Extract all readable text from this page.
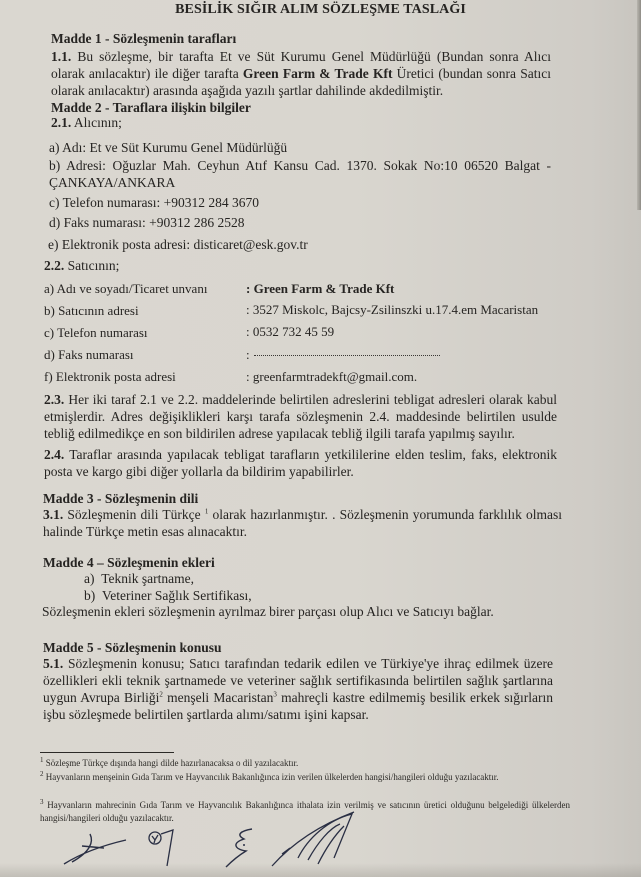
BESİLİK SIĞIR ALIM SÖZLEŞME TASLAĞI
Madde 1 - Sözleşmenin tarafları
1.1. Bu sözleşme, bir tarafta Et ve Süt Kurumu Genel Müdürlüğü (Bundan sonra Alıcı olarak anılacaktır) ile diğer tarafta Green Farm & Trade Kft Üretici (bundan sonra Satıcı olarak anılacaktır) arasında aşağıda yazılı şartlar dahilinde akdedilmiştir.
Madde 2 - Taraflara ilişkin bilgiler
2.1. Alıcının;
a) Adı: Et ve Süt Kurumu Genel Müdürlüğü
b) Adresi: Oğuzlar Mah. Ceyhun Atıf Kansu Cad. 1370. Sokak No:10 06520 Balgat -
ÇANKAYA/ANKARA
c) Telefon numarası: +90312 284 3670
d) Faks numarası: +90312 286 2528
e) Elektronik posta adresi: disticaret@esk.gov.tr
2.2. Satıcının;
a) Adı ve soyadı/Ticaret unvanı	: Green Farm & Trade Kft
b) Satıcının adresi	: 3527 Miskolc, Bajcsy-Zsilinszki u.17.4.em Macaristan
c) Telefon numarası	: 0532 732 45 59
d) Faks numarası	:
f) Elektronik posta adresi	: greenfarmtradekft@gmail.com.
2.3. Her iki taraf 2.1 ve 2.2. maddelerinde belirtilen adreslerini tebligat adresleri olarak kabul etmişlerdir. Adres değişiklikleri karşı tarafa sözleşmenin 2.4. maddesinde belirtilen usulde tebliğ edilmedikçe en son bildirilen adrese yapılacak tebliğ ilgili tarafa yapılmış sayılır.
2.4. Taraflar arasında yapılacak tebligat tarafların yetkililerine elden teslim, faks, elektronik posta ve kargo gibi diğer yollarla da bildirim yapabilirler.
Madde 3 - Sözleşmenin dili
3.1. Sözleşmenin dili Türkçe $^1$ olarak hazırlanmıştır. . Sözleşmenin yorumunda farklılık olması halinde Türkçe metin esas alınacaktır.
Madde 4 – Sözleşmenin ekleri
a) Teknik şartname,
b) Veteriner Sağlık Sertifikası,
Sözleşmenin ekleri sözleşmenin ayrılmaz birer parçası olup Alıcı ve Satıcıyı bağlar.
Madde 5 - Sözleşmenin konusu
5.1. Sözleşmenin konusu; Satıcı tarafından tedarik edilen ve Türkiye'ye ihraç edilmek üzere özellikleri ekli teknik şartnamede ve veteriner sağlık sertifikasında belirtilen sağlık şartlarına uygun Avrupa Birliği$^2$ menşeli Macaristan$^3$ mahreçli kastre edilmemiş besilik erkek sığırların işbu sözleşmede belirtilen şartlarda alımı/satımı işini kapsar.
$^1$ Sözleşme Türkçe dışında hangi dilde hazırlanacaksa o dil yazılacaktır.
$^2$ Hayvanların menşeinin Gıda Tarım ve Hayvancılık Bakanlığınca izin verilen ülkelerden hangisi/hangileri olduğu yazılacaktır.
$^3$ Hayvanların mahrecinin Gıda Tarım ve Hayvancılık Bakanlığınca ithalata izin verilmiş ve satıcının üretici olduğunu belgelediği ülkelerden hangisi/hangileri olduğu yazılacaktır.
